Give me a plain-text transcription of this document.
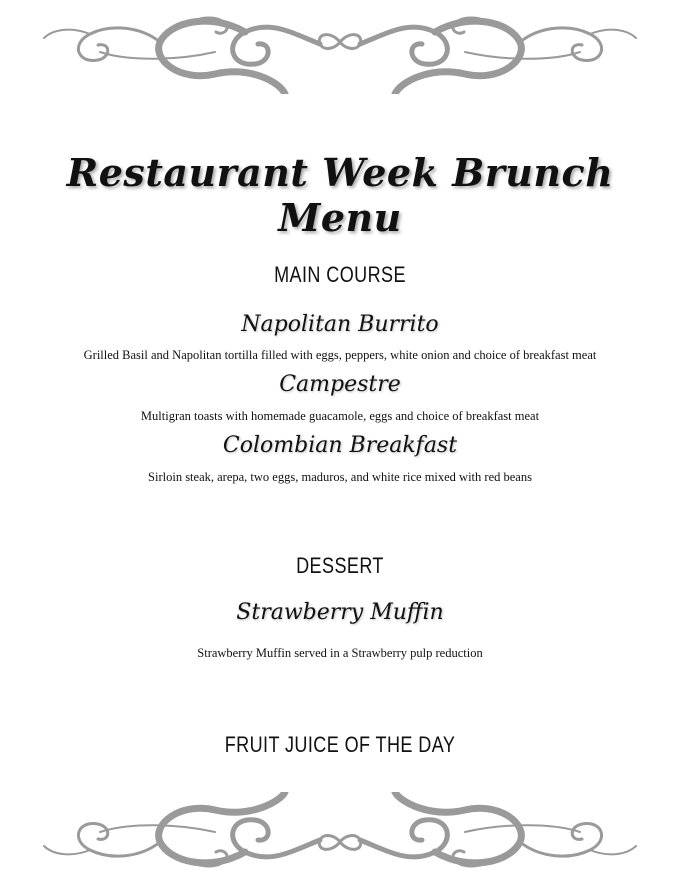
Restaurant Week Brunch Menu
MAIN COURSE
Napolitan Burrito
Grilled Basil and Napolitan tortilla filled with eggs, peppers, white onion and choice of breakfast meat
Campestre
Multigran toasts with homemade guacamole, eggs and choice of breakfast meat
Colombian Breakfast
Sirloin steak, arepa, two eggs, maduros, and white rice mixed with red beans
DESSERT
Strawberry Muffin
Strawberry Muffin served in a Strawberry pulp reduction
FRUIT JUICE OF THE DAY
